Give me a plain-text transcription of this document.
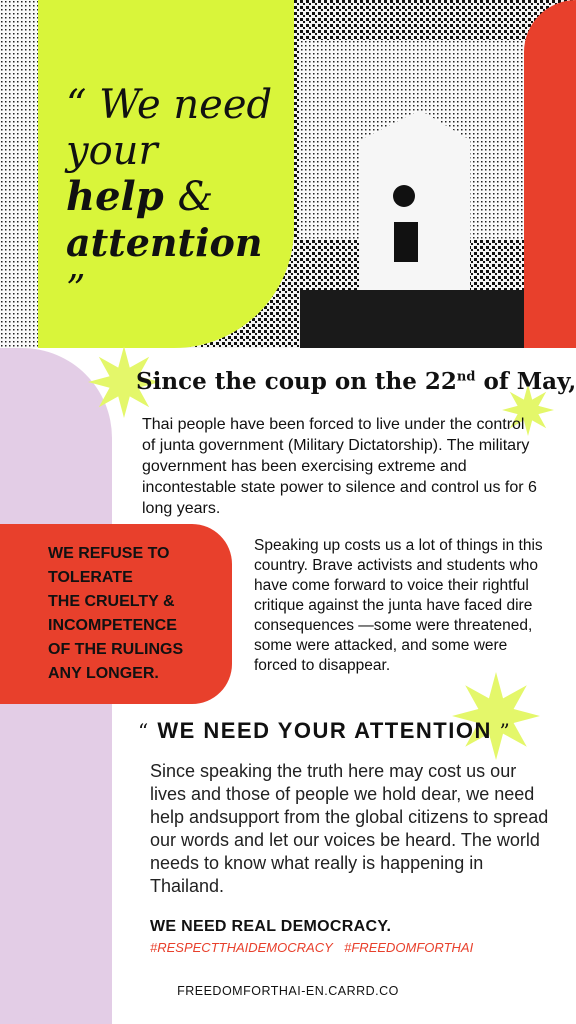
“ We need
your
help &
attention ”
Since the coup on the 22nd of May,

Thai people have been forced to live under the control of junta government (Military Dictatorship). The military government has been exercising extreme and incontestable state power to silence and control us for 6 long years.

WE REFUSE TO
TOLERATE
THE CRUELTY &
INCOMPETENCE
OF THE RULINGS
ANY LONGER.

Speaking up costs us a lot of things in this country. Brave activists and students who have come forward to voice their rightful critique against the junta have faced dire consequences —some were threatened, some were attacked, and some were forced to disappear.

“ WE NEED YOUR ATTENTION ”

Since speaking the truth here may cost us our lives and those of people we hold dear, we need help andsupport from the global citizens to spread our words and let our voices be heard. The world needs to know what really is happening in Thailand.

WE NEED REAL DEMOCRACY.

#RESPECTTHAIDEMOCRACY #FREEDOMFORTHAI
FREEDOMFORTHAI-EN.CARRD.CO
